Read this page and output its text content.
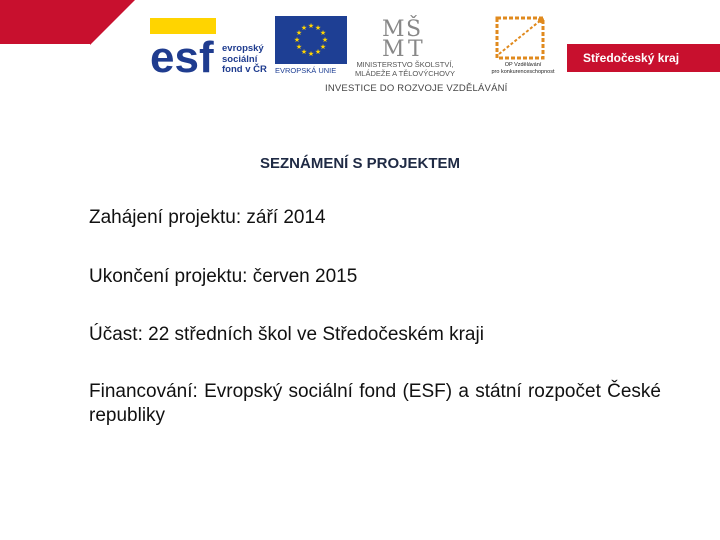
esf evropský
sociální
fond v ČR
★ ★
★
★
★
★
★
★
★
★
★
★
EVROPSKÁ UNIE
M Š
M T
MINISTERSTVO ŠKOLSTVÍ,
MLÁDEŽE A TĚLOVÝCHOVY
OP Vzdělávání
pro konkurenceschopnost
Středočeský kraj
INVESTICE DO ROZVOJE VZDĚLÁVÁNÍ
SEZNÁMENÍ S PROJEKTEM
Zahájení projektu: září 2014
Ukončení projektu: červen 2015
Účast: 22 středních škol ve Středočeském kraji
Financování: Evropský sociální fond (ESF) a státní rozpočet České republiky
